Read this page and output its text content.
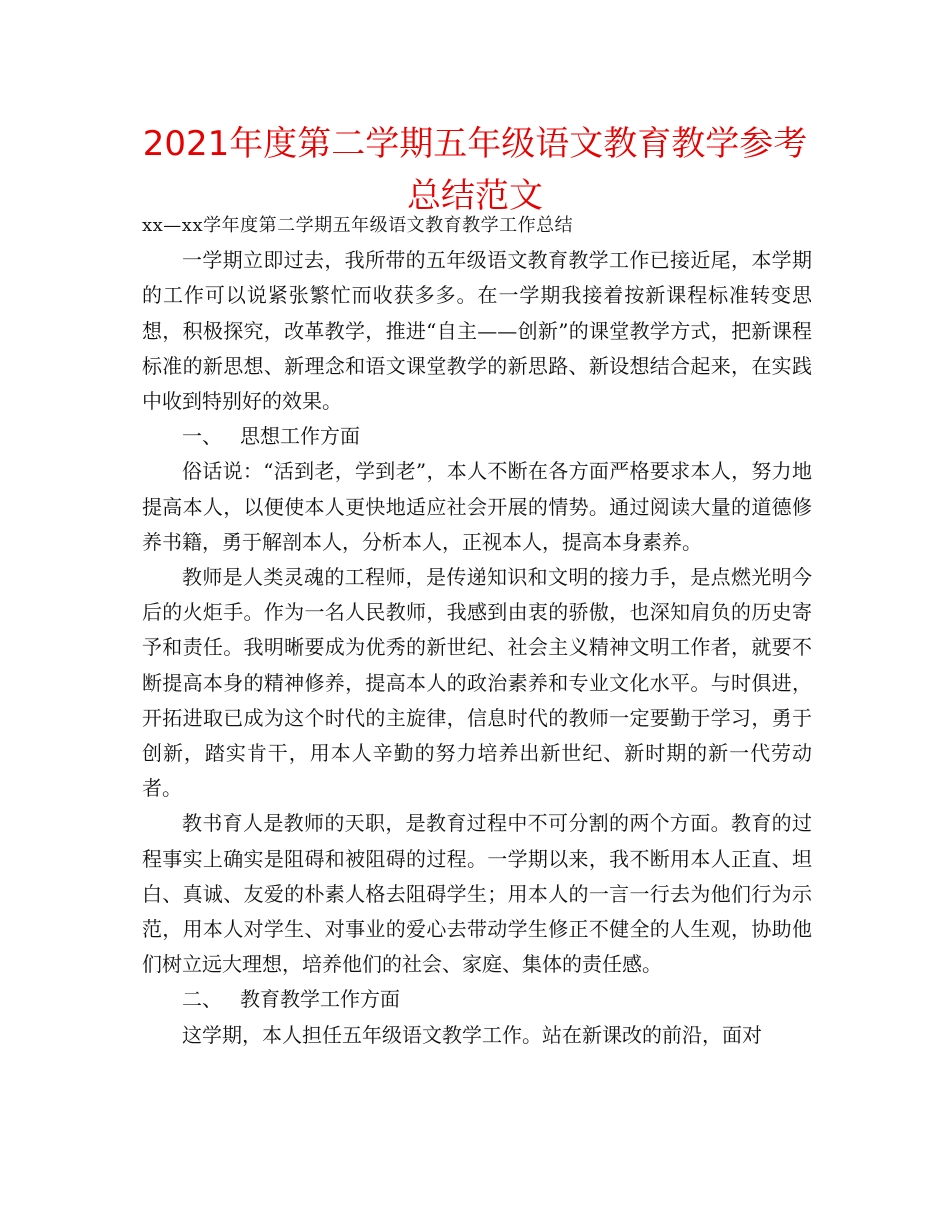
2021年度第二学期五年级语文教育教学参考总结范文

xx—xx学年度第二学期五年级语文教育教学工作总结

一学期立即过去，我所带的五年级语文教育教学工作已接近尾，本学期的工作可以说紧张繁忙而收获多多。在一学期我接着按新课程标准转变思想，积极探究，改革教学，推进“自主——创新”的课堂教学方式，把新课程标准的新思想、新理念和语文课堂教学的新思路、新设想结合起来，在实践中收到特别好的效果。

一、 思想工作方面

俗话说：“活到老，学到老”，本人不断在各方面严格要求本人，努力地提高本人，以便使本人更快地适应社会开展的情势。通过阅读大量的道德修养书籍，勇于解剖本人，分析本人，正视本人，提高本身素养。

教师是人类灵魂的工程师，是传递知识和文明的接力手，是点燃光明今后的火炬手。作为一名人民教师，我感到由衷的骄傲，也深知肩负的历史寄予和责任。我明晰要成为优秀的新世纪、社会主义精神文明工作者，就要不断提高本身的精神修养，提高本人的政治素养和专业文化水平。与时俱进，开拓进取已成为这个时代的主旋律，信息时代的教师一定要勤于学习，勇于创新，踏实肯干，用本人辛勤的努力培养出新世纪、新时期的新一代劳动者。

教书育人是教师的天职，是教育过程中不可分割的两个方面。教育的过程事实上确实是阻碍和被阻碍的过程。一学期以来，我不断用本人正直、坦白、真诚、友爱的朴素人格去阻碍学生；用本人的一言一行去为他们行为示范，用本人对学生、对事业的爱心去带动学生修正不健全的人生观，协助他们树立远大理想，培养他们的社会、家庭、集体的责任感。

二、 教育教学工作方面

这学期，本人担任五年级语文教学工作。站在新课改的前沿，面对
